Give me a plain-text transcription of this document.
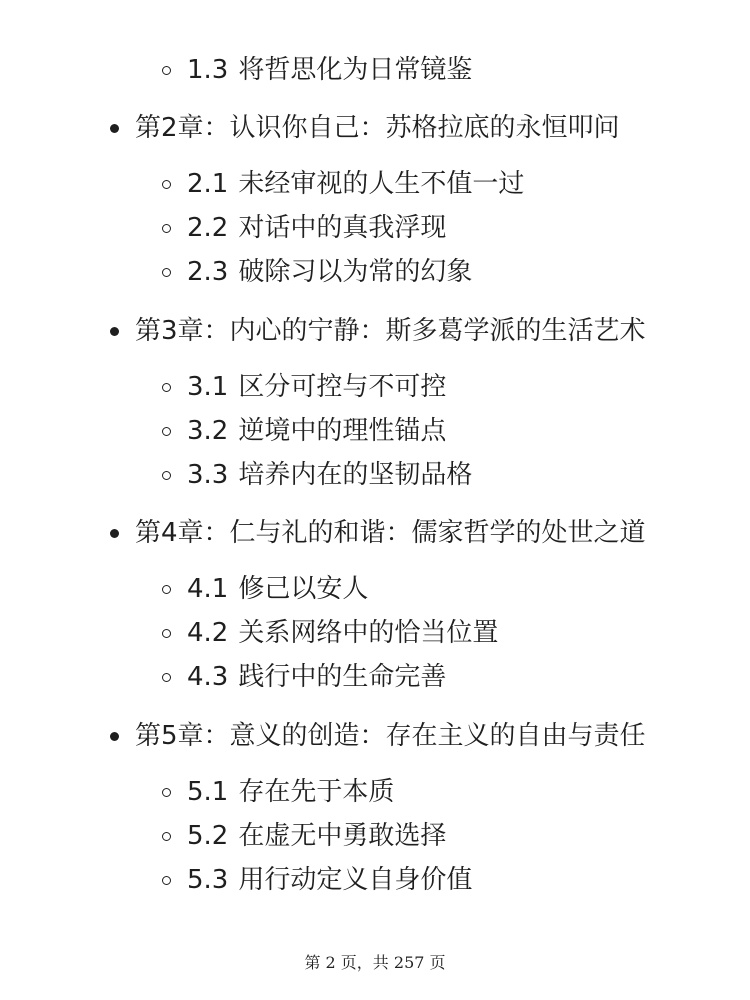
1.3 将哲思化为日常镜鉴
第2章：认识你自己：苏格拉底的永恒叩问
2.1 未经审视的人生不值一过
2.2 对话中的真我浮现
2.3 破除习以为常的幻象
第3章：内心的宁静：斯多葛学派的生活艺术
3.1 区分可控与不可控
3.2 逆境中的理性锚点
3.3 培养内在的坚韧品格
第4章：仁与礼的和谐：儒家哲学的处世之道
4.1 修己以安人
4.2 关系网络中的恰当位置
4.3 践行中的生命完善
第5章：意义的创造：存在主义的自由与责任
5.1 存在先于本质
5.2 在虚无中勇敢选择
5.3 用行动定义自身价值
第 2 页，共 257 页
